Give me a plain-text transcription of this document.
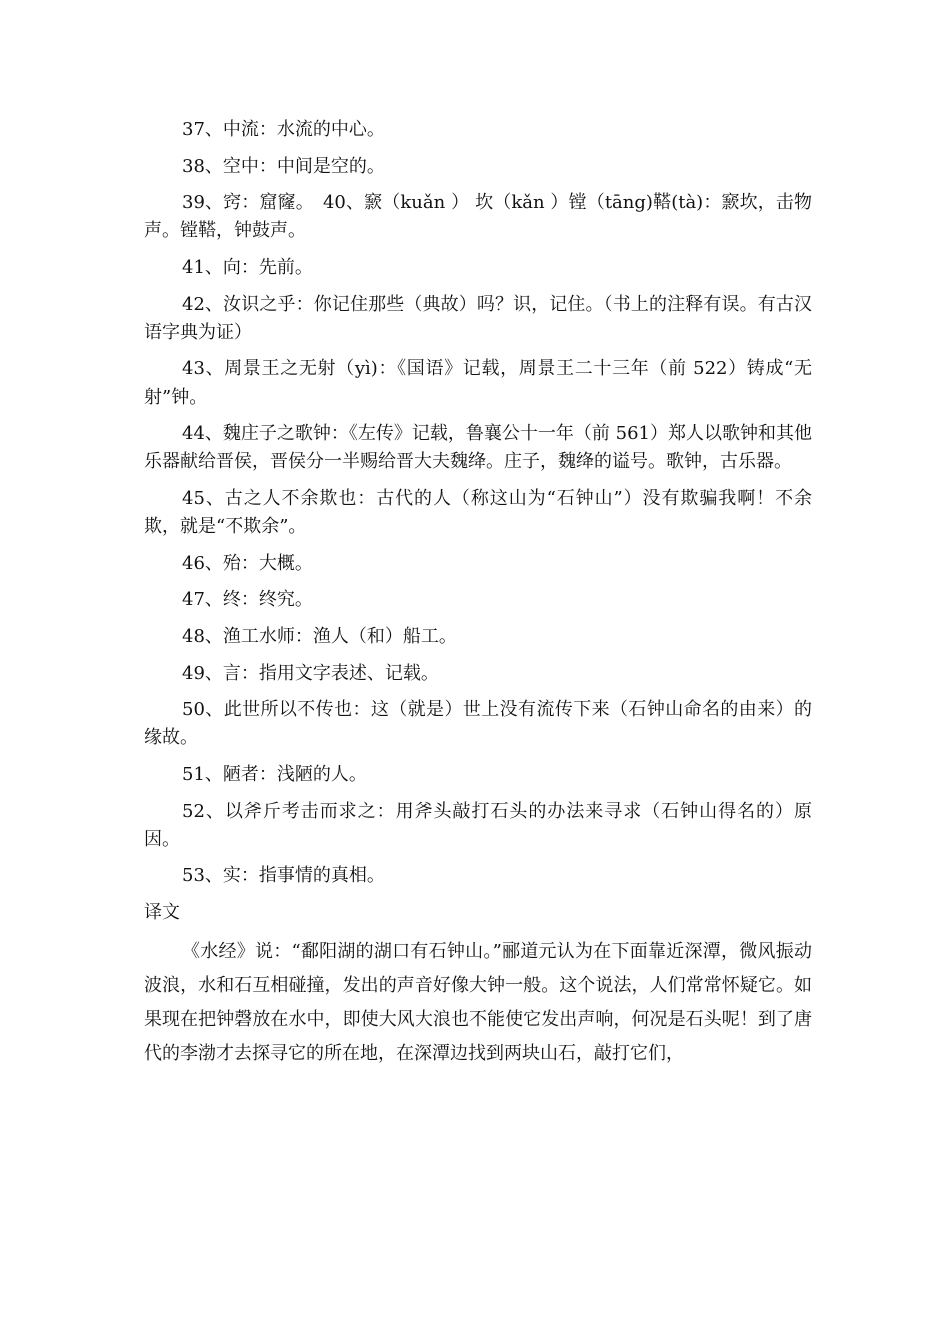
37、中流：水流的中心。

38、空中：中间是空的。

39、窍：窟窿。　40、窾（kuǎn ） 坎（kǎn ）镗（tāng)鞳(tà)：窾坎，击物声。镗鞳，钟鼓声。

41、向：先前。

42、汝识之乎：你记住那些（典故）吗？识，记住。（书上的注释有误。有古汉语字典为证）

43、周景王之无射（yì)：《国语》记载，周景王二十三年（前 522）铸成“无射”钟。

44、魏庄子之歌钟：《左传》记载，鲁襄公十一年（前 561）郑人以歌钟和其他乐器献给晋侯，晋侯分一半赐给晋大夫魏绛。庄子，魏绛的谥号。歌钟，古乐器。

45、古之人不余欺也：古代的人（称这山为“石钟山”）没有欺骗我啊！不余欺，就是“不欺余”。

46、殆：大概。

47、终：终究。

48、渔工水师：渔人（和）船工。

49、言：指用文字表述、记载。

50、此世所以不传也：这（就是）世上没有流传下来（石钟山命名的由来）的缘故。

51、陋者：浅陋的人。

52、以斧斤考击而求之：用斧头敲打石头的办法来寻求（石钟山得名的）原因。

53、实：指事情的真相。

译文

《水经》说：“鄱阳湖的湖口有石钟山。”郦道元认为在下面靠近深潭，微风振动波浪，水和石互相碰撞，发出的声音好像大钟一般。这个说法，人们常常怀疑它。如果现在把钟磬放在水中，即使大风大浪也不能使它发出声响，何况是石头呢！到了唐代的李渤才去探寻它的所在地，在深潭边找到两块山石，敲打它们，
